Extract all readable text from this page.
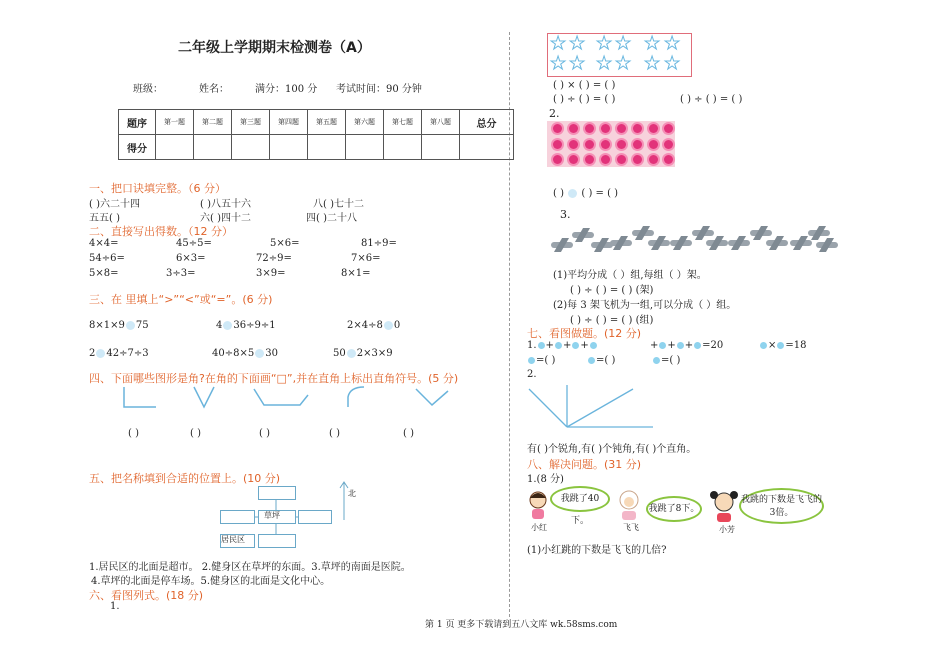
二年级上学期期末检测卷（A）
班级：	姓名：	满分：100 分 考试时间：90 分钟
题序	第一题	第二题	第三题	第四题	第五题	第六题	第七题	第八题	总分
得分									
一、把口诀填完整。（6 分）
( )六二十四	( )八五十六	八( )七十二
五五( )	六( )四十二	四( )二十八
二、直接写出得数。（12 分）
4×4=	45÷5=	5×6=	81÷9=
54÷6=	6×3=	72÷9=	7×6=
5×8=	3÷3=	3×9=	8×1=
三、在 里填上“>”“<”或“=”。(6 分)
8×1×9 75	4 36÷9÷1	2×4÷8 0
2 42÷7÷3	40÷8×5 30	50 2×3×9
四、下面哪些图形是角?在角的下面画“□”,并在直角上标出直角符号。(5 分)
( )	( )	( )	( )	( )
五、把名称填到合适的位置上。(10 分)
草坪
居民区
北
1.居民区的北面是超市。 2.健身区在草坪的东面。3.草坪的南面是医院。
4.草坪的北面是停车场。5.健身区的北面是文化中心。
六、看图列式。(18 分)
1.
★ ★ ★ ★ ★ ★
★ ★ ★ ★ ★ ★
( ) × ( ) = ( )
( ) ÷ ( ) = ( )	( ) ÷ ( ) = ( )
2.
( ) ( ) = ( )
3.
(1)平均分成（ ）组,每组（ ）架。
( ) ÷ ( ) = ( ) (架)
(2)每 3 架飞机为一组,可以分成（ ）组。
( ) ÷ ( ) = ( ) (组)
七、看图做题。(12 分)
1. + + +	+ + + =20	× =18
=( )	=( )	=( )
2.
有( )个锐角,有( )个钝角,有( )个直角。
八、解决问题。(31 分)
1.(8 分)
我跳了40下。
我跳了8下。
我跳的下数是飞飞的3倍。
小红	飞飞	小芳
(1)小红跳的下数是飞飞的几倍?
第 1 页 更多下载请到五八文库 wk.58sms.com
